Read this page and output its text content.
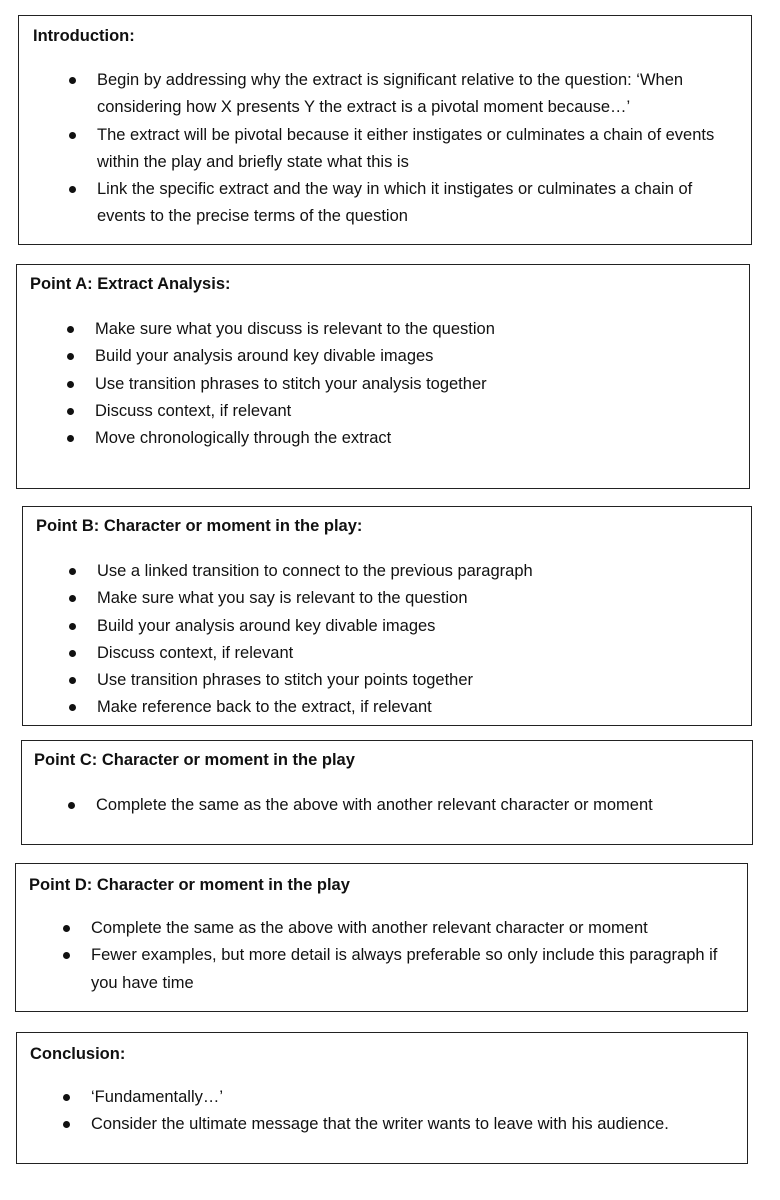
Introduction:
Begin by addressing why the extract is significant relative to the question: ‘When considering how X presents Y the extract is a pivotal moment because…’
The extract will be pivotal because it either instigates or culminates a chain of events within the play and briefly state what this is
Link the specific extract and the way in which it instigates or culminates a chain of events to the precise terms of the question
Point A: Extract Analysis:
Make sure what you discuss is relevant to the question
Build your analysis around key divable images
Use transition phrases to stitch your analysis together
Discuss context, if relevant
Move chronologically through the extract
Point B: Character or moment in the play:
Use a linked transition to connect to the previous paragraph
Make sure what you say is relevant to the question
Build your analysis around key divable images
Discuss context, if relevant
Use transition phrases to stitch your points together
Make reference back to the extract, if relevant
Point C: Character or moment in the play
Complete the same as the above with another relevant character or moment
Point D: Character or moment in the play
Complete the same as the above with another relevant character or moment
Fewer examples, but more detail is always preferable so only include this paragraph if you have time
Conclusion:
‘Fundamentally…’
Consider the ultimate message that the writer wants to leave with his audience.
